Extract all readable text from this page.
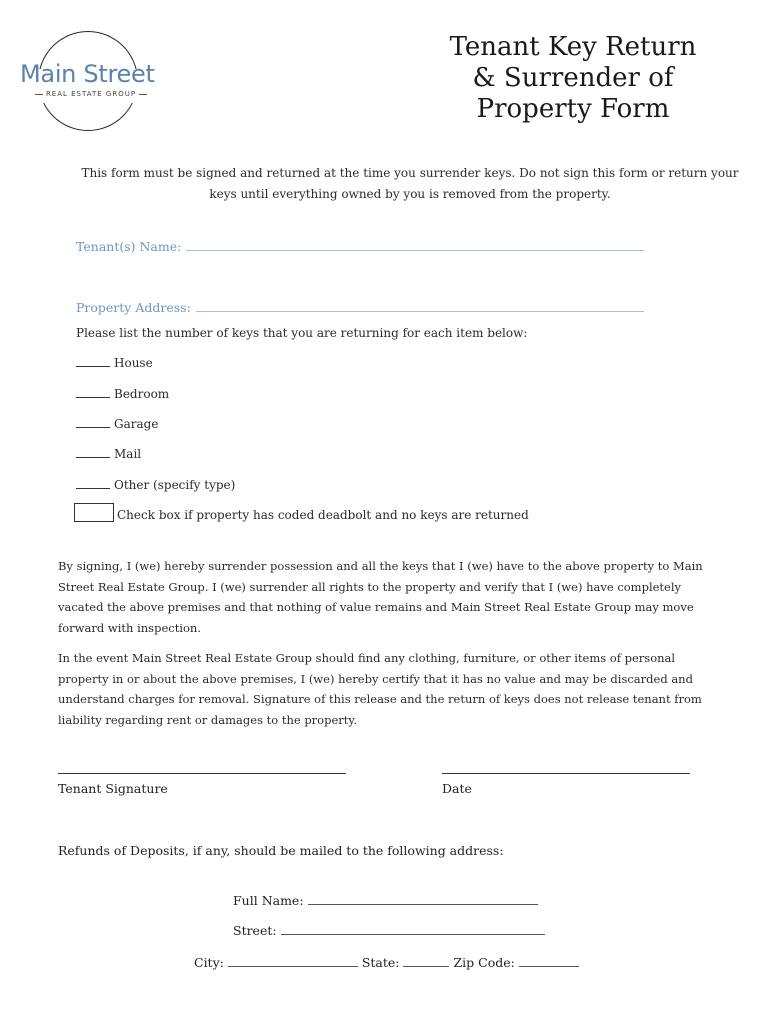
Main Street
REAL ESTATE GROUP
Tenant Key Return
& Surrender of
Property Form
This form must be signed and returned at the time you surrender keys. Do not sign this form or return your
keys until everything owned by you is removed from the property.
Tenant(s) Name:
Property Address:
Please list the number of keys that you are returning for each item below:
House
Bedroom
Garage
Mail
Other (specify type)
Check box if property has coded deadbolt and no keys are returned
By signing, I (we) hereby surrender possession and all the keys that I (we) have to the above property to Main
Street Real Estate Group. I (we) surrender all rights to the property and verify that I (we) have completely
vacated the above premises and that nothing of value remains and Main Street Real Estate Group may move
forward with inspection.
In the event Main Street Real Estate Group should find any clothing, furniture, or other items of personal
property in or about the above premises, I (we) hereby certify that it has no value and may be discarded and
understand charges for removal. Signature of this release and the return of keys does not release tenant from
liability regarding rent or damages to the property.
Tenant Signature	Date
Refunds of Deposits, if any, should be mailed to the following address:
Full Name:
Street:
City:	State:	Zip Code:
